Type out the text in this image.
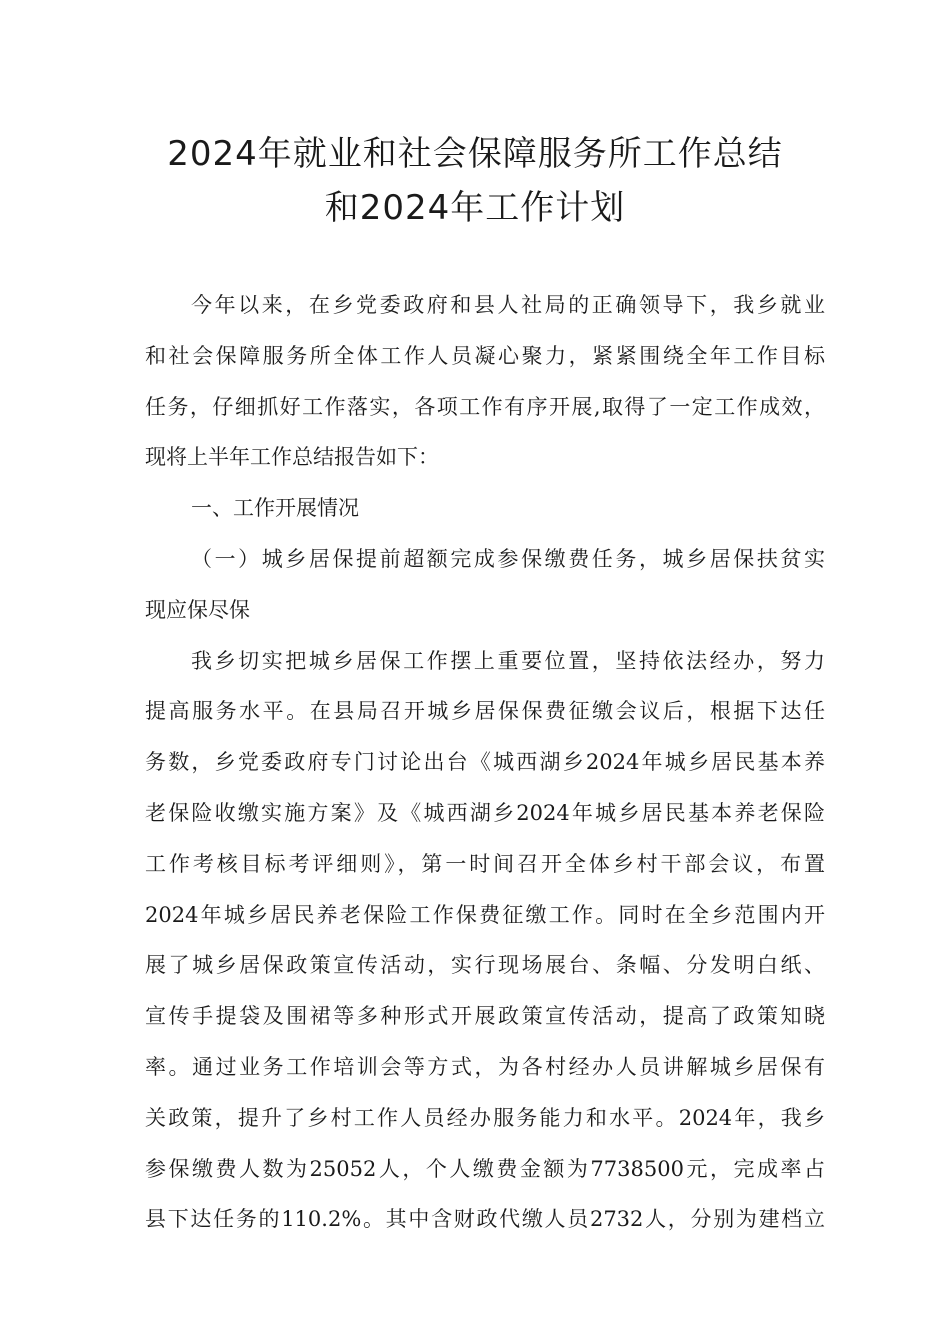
2024年就业和社会保障服务所工作总结
和2024年工作计划
今年以来，在乡党委政府和县人社局的正确领导下，我乡就业
和社会保障服务所全体工作人员凝心聚力，紧紧围绕全年工作目标
任务，仔细抓好工作落实，各项工作有序开展,取得了一定工作成效，
现将上半年工作总结报告如下：
一、工作开展情况
（一）城乡居保提前超额完成参保缴费任务，城乡居保扶贫实
现应保尽保
我乡切实把城乡居保工作摆上重要位置，坚持依法经办，努力
提高服务水平。在县局召开城乡居保保费征缴会议后，根据下达任
务数，乡党委政府专门讨论出台《城西湖乡2024年城乡居民基本养
老保险收缴实施方案》及《城西湖乡2024年城乡居民基本养老保险
工作考核目标考评细则》，第一时间召开全体乡村干部会议，布置
2024年城乡居民养老保险工作保费征缴工作。同时在全乡范围内开
展了城乡居保政策宣传活动，实行现场展台、条幅、分发明白纸、
宣传手提袋及围裙等多种形式开展政策宣传活动，提高了政策知晓
率。通过业务工作培训会等方式，为各村经办人员讲解城乡居保有
关政策，提升了乡村工作人员经办服务能力和水平。2024年，我乡
参保缴费人数为25052人，个人缴费金额为7738500元，完成率占
县下达任务的110.2%。其中含财政代缴人员2732人，分别为建档立
